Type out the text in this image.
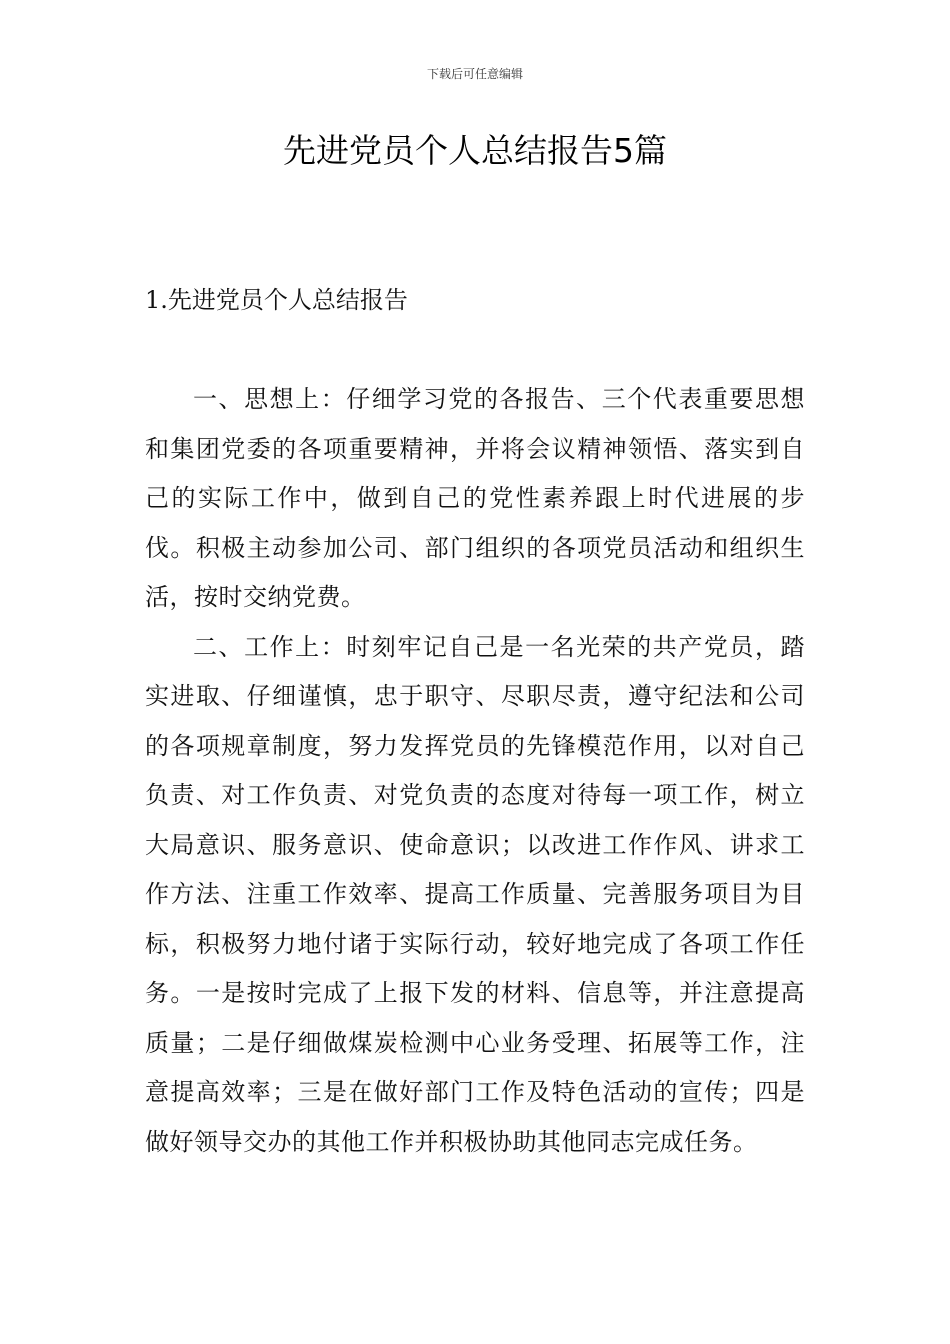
下载后可任意编辑
先进党员个人总结报告5篇
1.先进党员个人总结报告

一、思想上：仔细学习党的各报告、三个代表重要思想和集团党委的各项重要精神，并将会议精神领悟、落实到自己的实际工作中，做到自己的党性素养跟上时代进展的步伐。积极主动参加公司、部门组织的各项党员活动和组织生活，按时交纳党费。

二、工作上：时刻牢记自己是一名光荣的共产党员，踏实进取、仔细谨慎，忠于职守、尽职尽责，遵守纪法和公司的各项规章制度，努力发挥党员的先锋模范作用，以对自己负责、对工作负责、对党负责的态度对待每一项工作，树立大局意识、服务意识、使命意识；以改进工作作风、讲求工作方法、注重工作效率、提高工作质量、完善服务项目为目标，积极努力地付诸于实际行动，较好地完成了各项工作任务。一是按时完成了上报下发的材料、信息等，并注意提高质量；二是仔细做煤炭检测中心业务受理、拓展等工作，注意提高效率；三是在做好部门工作及特色活动的宣传；四是做好领导交办的其他工作并积极协助其他同志完成任务。
